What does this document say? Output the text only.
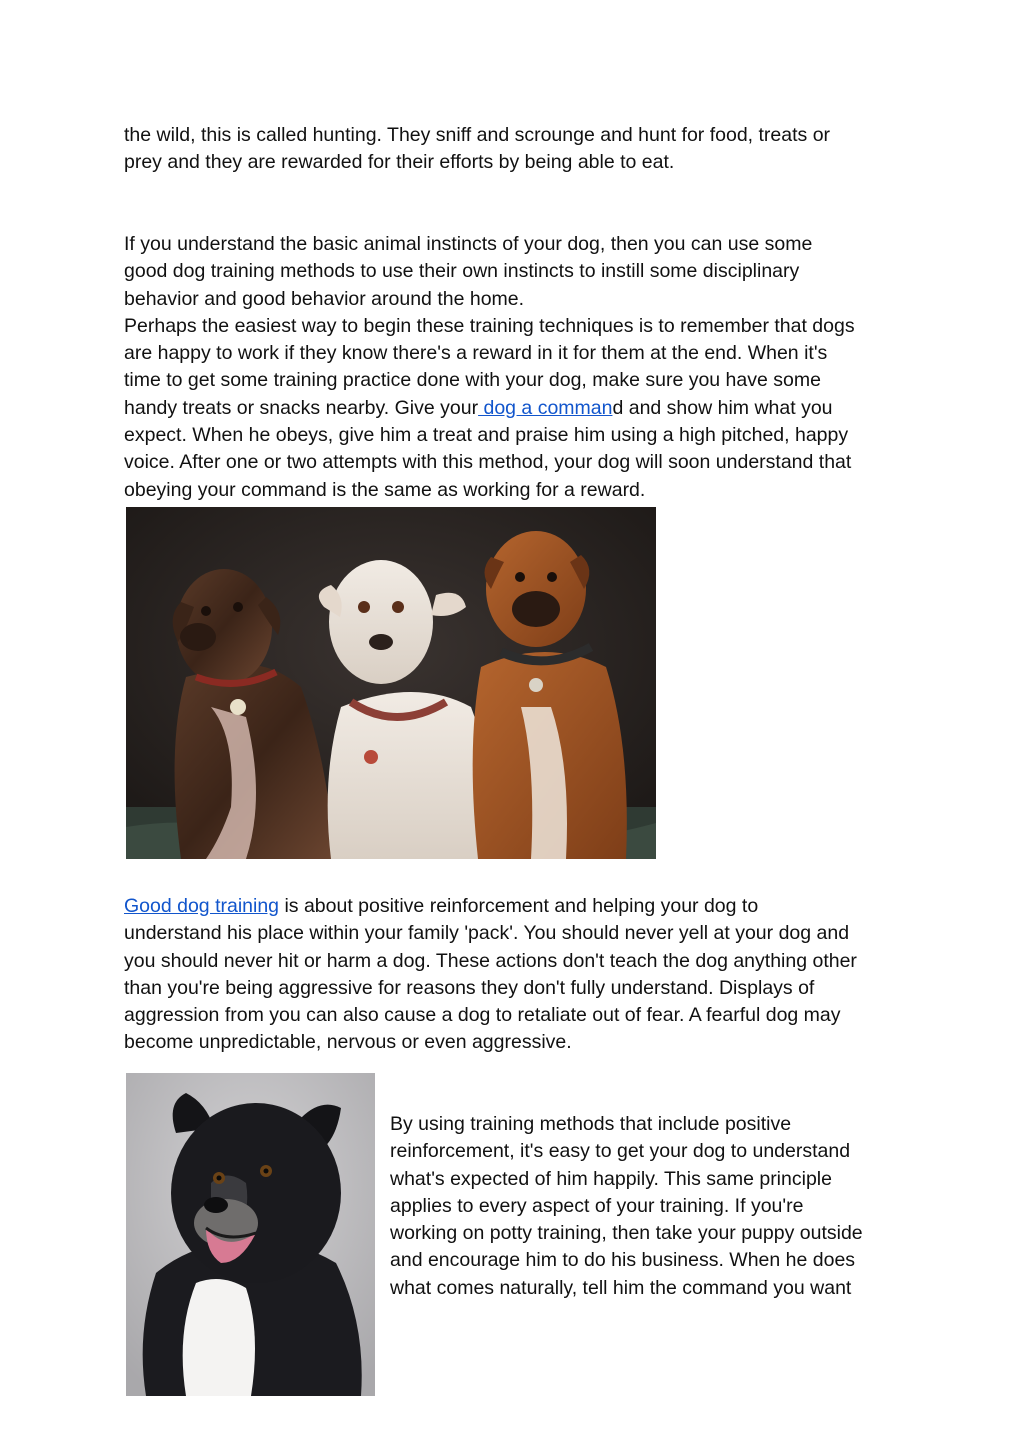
the wild, this is called hunting. They sniff and scrounge and hunt for food, treats or
prey and they are rewarded for their efforts by being able to eat.

If you understand the basic animal instincts of your dog, then you can use some
good dog training methods to use their own instincts to instill some disciplinary
behavior and good behavior around the home.
Perhaps the easiest way to begin these training techniques is to remember that dogs
are happy to work if they know there's a reward in it for them at the end. When it's
time to get some training practice done with your dog, make sure you have some
handy treats or snacks nearby. Give your dog a command and show him what you
expect. When he obeys, give him a treat and praise him using a high pitched, happy
voice. After one or two attempts with this method, your dog will soon understand that
obeying your command is the same as working for a reward.

Good dog training is about positive reinforcement and helping your dog to
understand his place within your family 'pack'. You should never yell at your dog and
you should never hit or harm a dog. These actions don't teach the dog anything other
than you're being aggressive for reasons they don't fully understand. Displays of
aggression from you can also cause a dog to retaliate out of fear. A fearful dog may
become unpredictable, nervous or even aggressive.

By using training methods that include positive
reinforcement, it's easy to get your dog to understand
what's expected of him happily. This same principle
applies to every aspect of your training. If you're
working on potty training, then take your puppy outside
and encourage him to do his business. When he does
what comes naturally, tell him the command you want
